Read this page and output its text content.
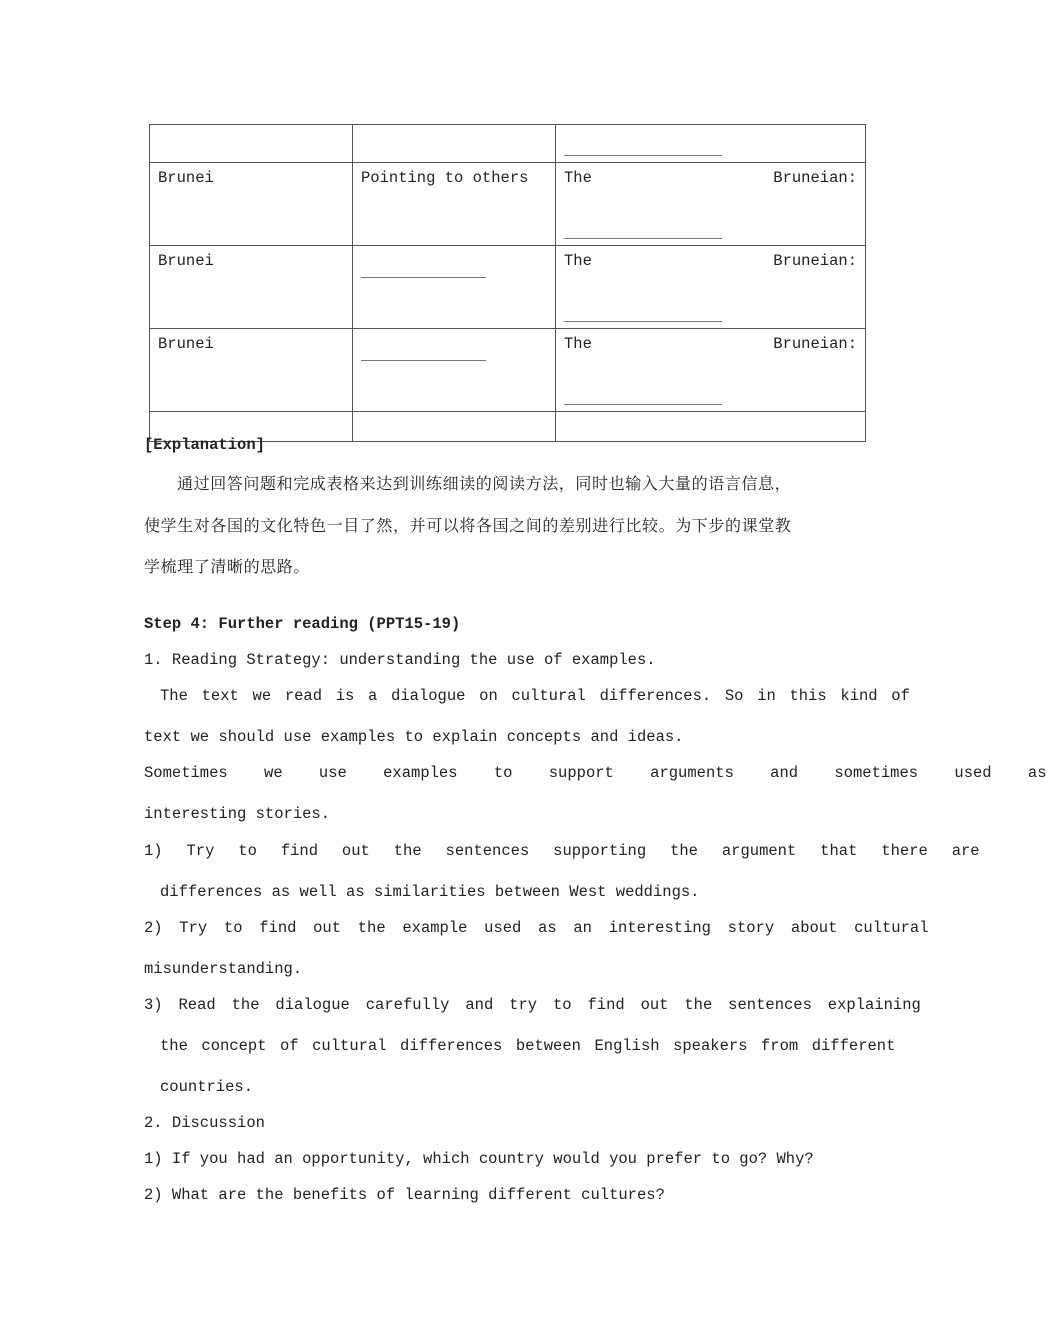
Brunei	Pointing to others	The Bruneian:

Brunei		The Bruneian:

Brunei		The Bruneian:

[Explanation]
通过回答问题和完成表格来达到训练细读的阅读方法，同时也输入大量的语言信息，
使学生对各国的文化特色一目了然，并可以将各国之间的差别进行比较。为下步的课堂教
学梳理了清晰的思路。
Step 4: Further reading (PPT15-19)
1. Reading Strategy: understanding the use of examples.
The text we read is a dialogue on cultural differences. So in this kind of
text we should use examples to explain concepts and ideas.
Sometimes we use examples to support arguments and sometimes used as
interesting stories.
1) Try to find out the sentences supporting the argument that there are
differences as well as similarities between West weddings.
2) Try to find out the example used as an interesting story about cultural
misunderstanding.
3) Read the dialogue carefully and try to find out the sentences explaining
the concept of cultural differences between English speakers from different
countries.
2. Discussion
1) If you had an opportunity, which country would you prefer to go? Why?
2) What are the benefits of learning different cultures?
